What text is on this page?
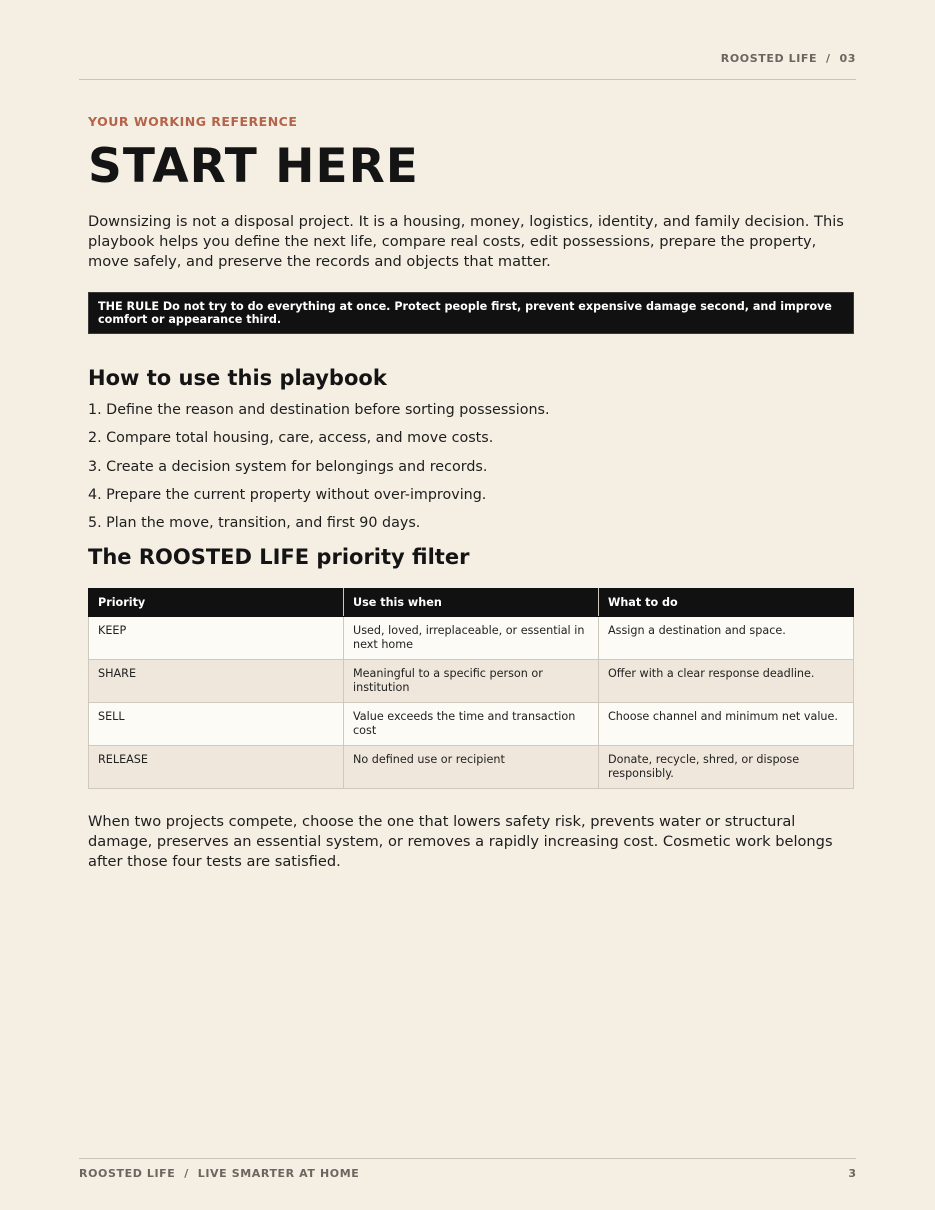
ROOSTED LIFE  /  03
YOUR WORKING REFERENCE
START HERE

Downsizing is not a disposal project. It is a housing, money, logistics, identity, and family decision. This playbook helps you define the next life, compare real costs, edit possessions, prepare the property, move safely, and preserve the records and objects that matter.

THE RULE Do not try to do everything at once. Protect people first, prevent expensive damage second, and improve comfort or appearance third.
How to use this playbook
1. Define the reason and destination before sorting possessions.
2. Compare total housing, care, access, and move costs.
3. Create a decision system for belongings and records.
4. Prepare the current property without over-improving.
5. Plan the move, transition, and first 90 days.
The ROOSTED LIFE priority filter
Priority	Use this when	What to do
KEEP	Used, loved, irreplaceable, or essential in next home	Assign a destination and space.
SHARE	Meaningful to a specific person or institution	Offer with a clear response deadline.
SELL	Value exceeds the time and transaction cost	Choose channel and minimum net value.
RELEASE	No defined use or recipient	Donate, recycle, shred, or dispose responsibly.

When two projects compete, choose the one that lowers safety risk, prevents water or structural damage, preserves an essential system, or removes a rapidly increasing cost. Cosmetic work belongs after those four tests are satisfied.

ROOSTED LIFE  /  LIVE SMARTER AT HOME	3
